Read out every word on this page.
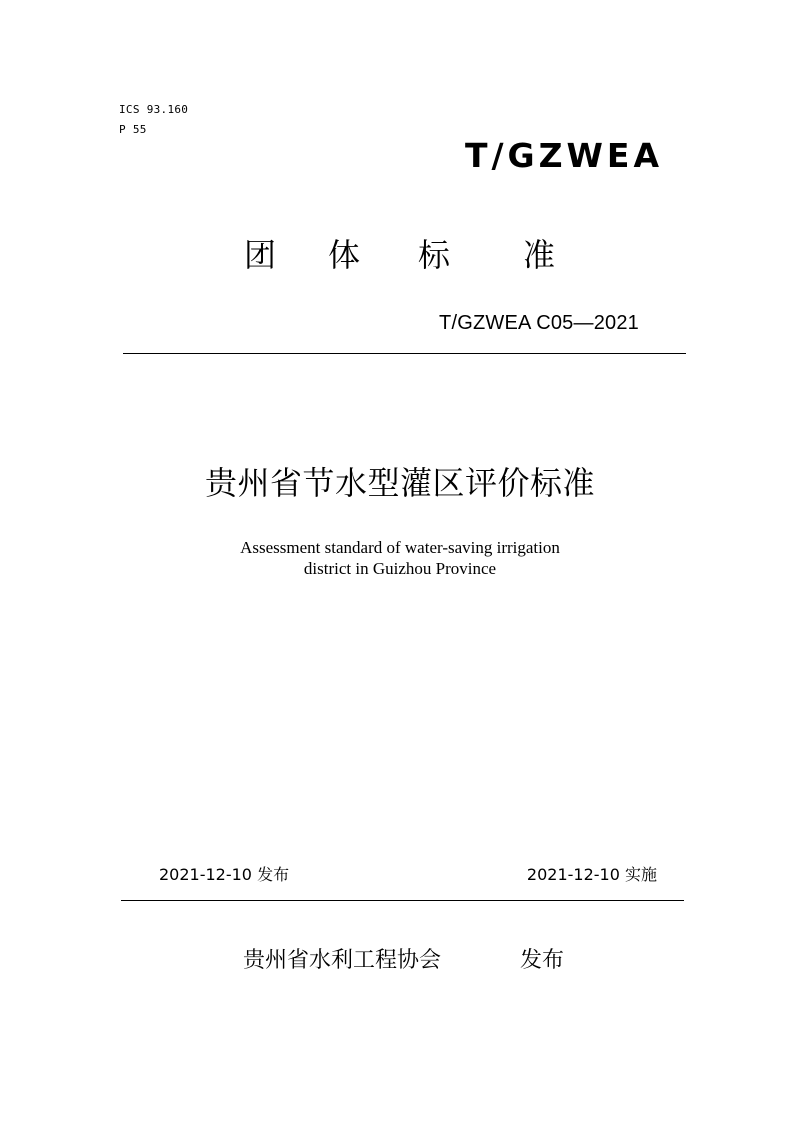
ICS 93.160
P 55
T/GZWEA
团 体 标 准
T/GZWEA C05—2021
贵州省节水型灌区评价标准
Assessment standard of water-saving irrigation
district in Guizhou Province
2021-12-10 发布	2021-12-10 实施
贵州省水利工程协会	发布
